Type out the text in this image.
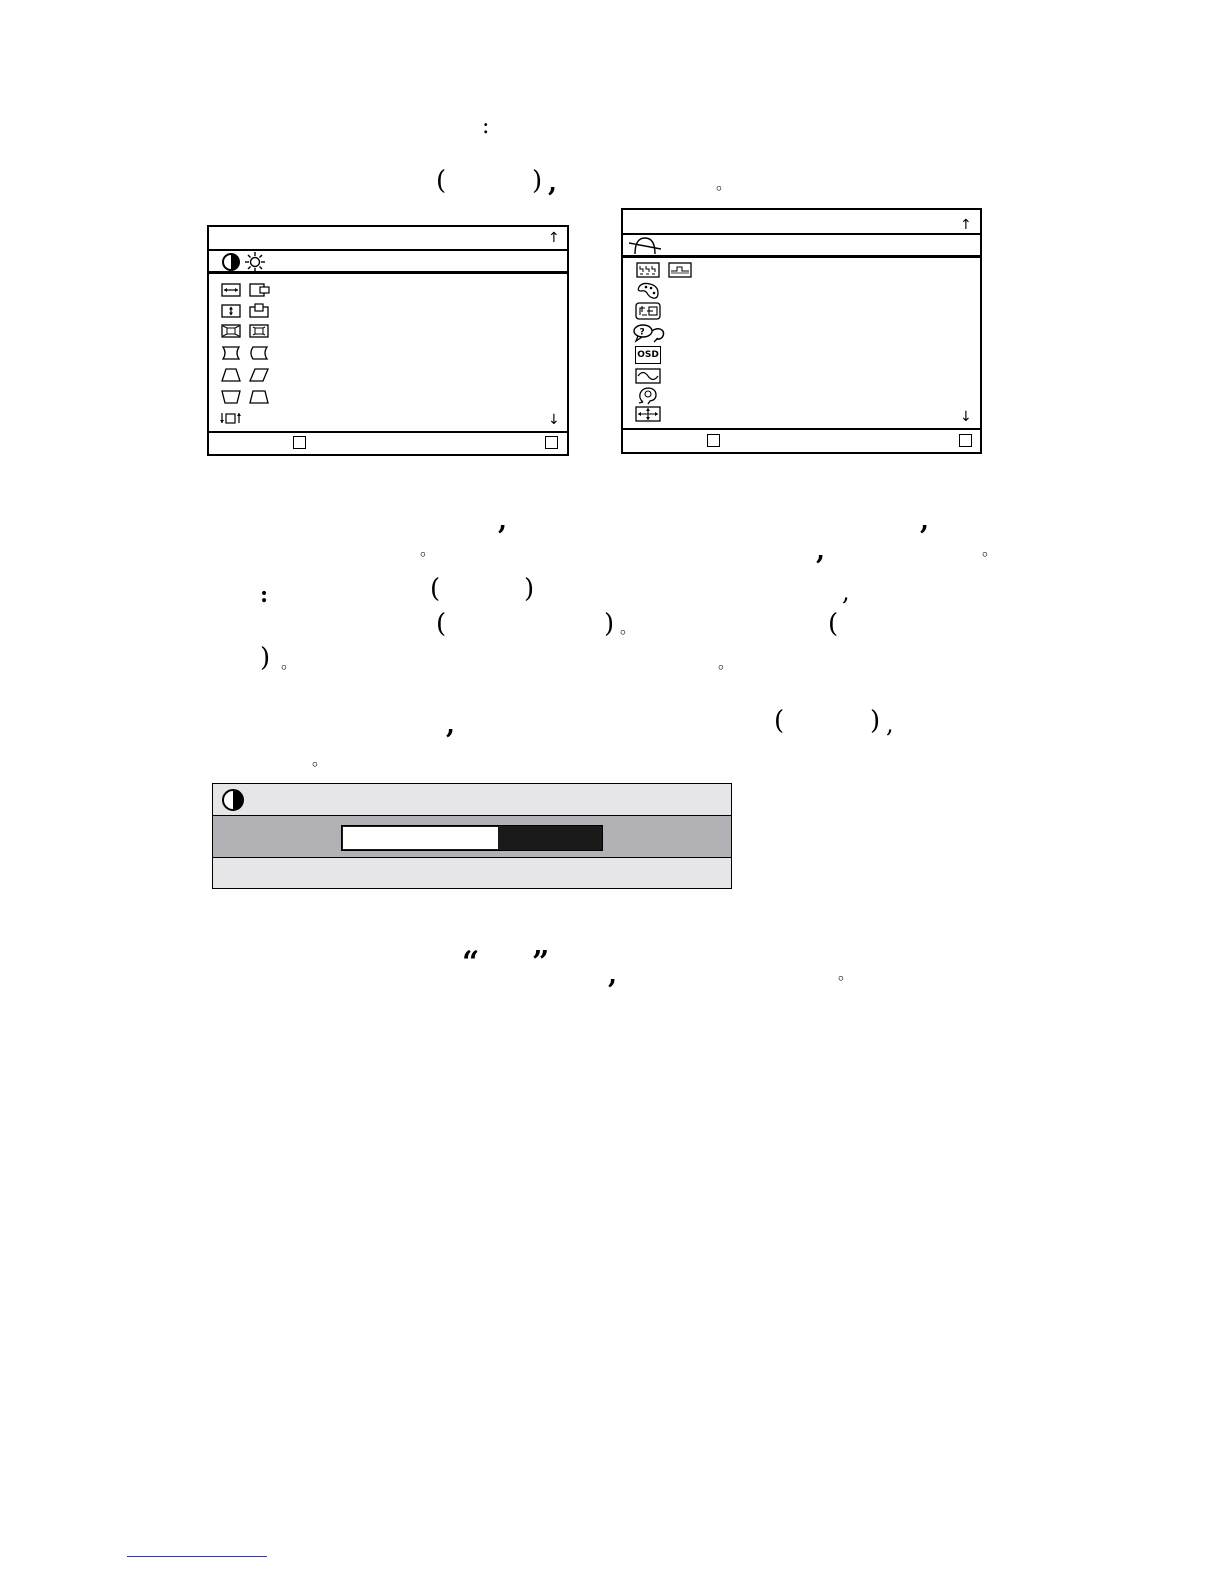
:
(	) ,	。
↑
↓
↑
↓
?
OSD
,	,
。	,	。
:	(	)	,
(	) 。	(
) 。	。
,	(	) ,
。
“ ” ,	。
